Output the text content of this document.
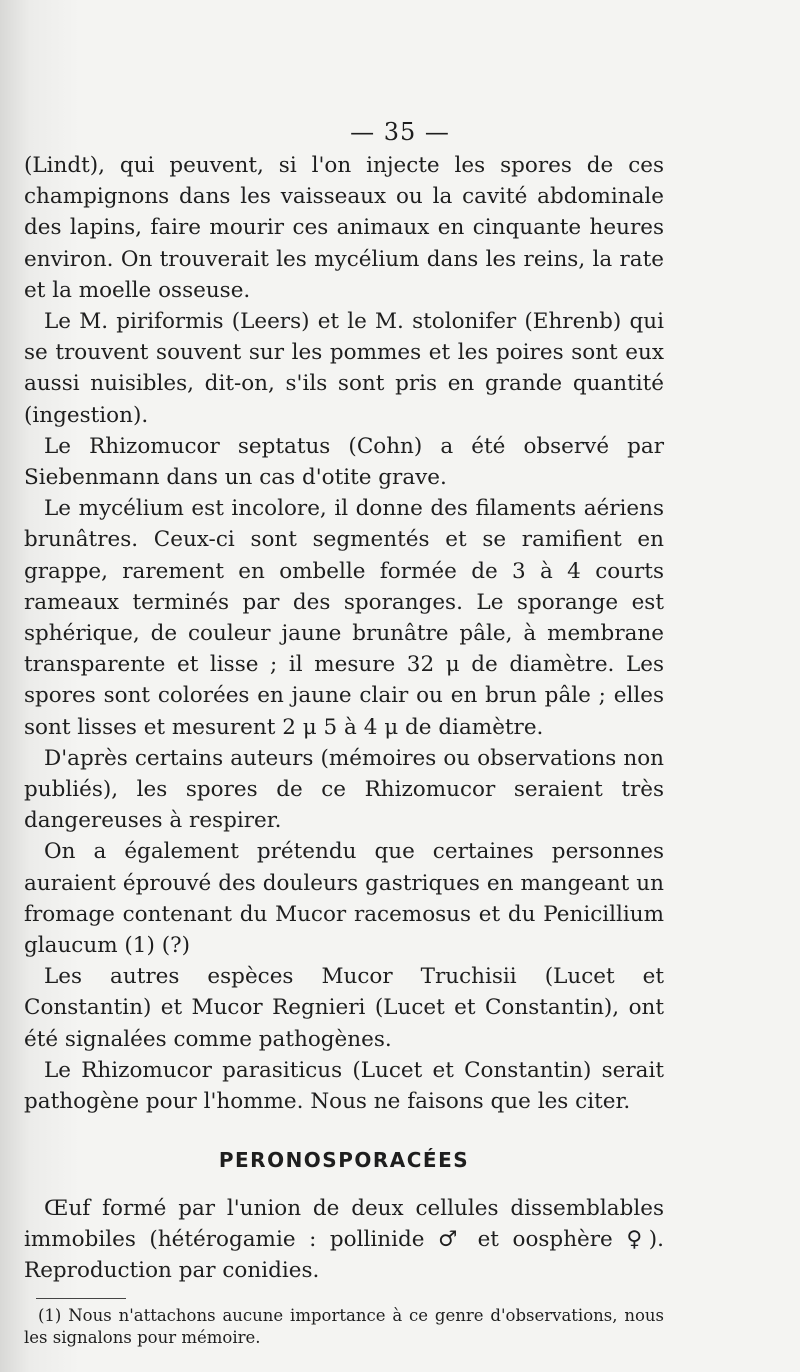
— 35 —

(Lindt), qui peuvent, si l'on injecte les spores de ces champignons dans les vaisseaux ou la cavité abdominale des lapins, faire mourir ces animaux en cinquante heures environ. On trouverait les mycélium dans les reins, la rate et la moelle osseuse.

Le M. piriformis (Leers) et le M. stolonifer (Ehrenb) qui se trouvent souvent sur les pommes et les poires sont eux aussi nuisibles, dit-on, s'ils sont pris en grande quantité (ingestion).

Le Rhizomucor septatus (Cohn) a été observé par Siebenmann dans un cas d'otite grave.

Le mycélium est incolore, il donne des filaments aériens brunâtres. Ceux-ci sont segmentés et se ramifient en grappe, rarement en ombelle formée de 3 à 4 courts rameaux terminés par des sporanges. Le sporange est sphérique, de couleur jaune brunâtre pâle, à membrane transparente et lisse ; il mesure 32 μ de diamètre. Les spores sont colorées en jaune clair ou en brun pâle ; elles sont lisses et mesurent 2 μ 5 à 4 μ de diamètre.

D'après certains auteurs (mémoires ou observations non publiés), les spores de ce Rhizomucor seraient très dangereuses à respirer.

On a également prétendu que certaines personnes auraient éprouvé des douleurs gastriques en mangeant un fromage contenant du Mucor racemosus et du Penicillium glaucum (1) (?)

Les autres espèces Mucor Truchisii (Lucet et Constantin) et Mucor Regnieri (Lucet et Constantin), ont été signalées comme pathogènes.

Le Rhizomucor parasiticus (Lucet et Constantin) serait pathogène pour l'homme. Nous ne faisons que les citer.

PERONOSPORACÉES

Œuf formé par l'union de deux cellules dissemblables immobiles (hétérogamie : pollinide ♂ et oosphère ♀). Reproduction par conidies.

(1) Nous n'attachons aucune importance à ce genre d'observations, nous les signalons pour mémoire.
